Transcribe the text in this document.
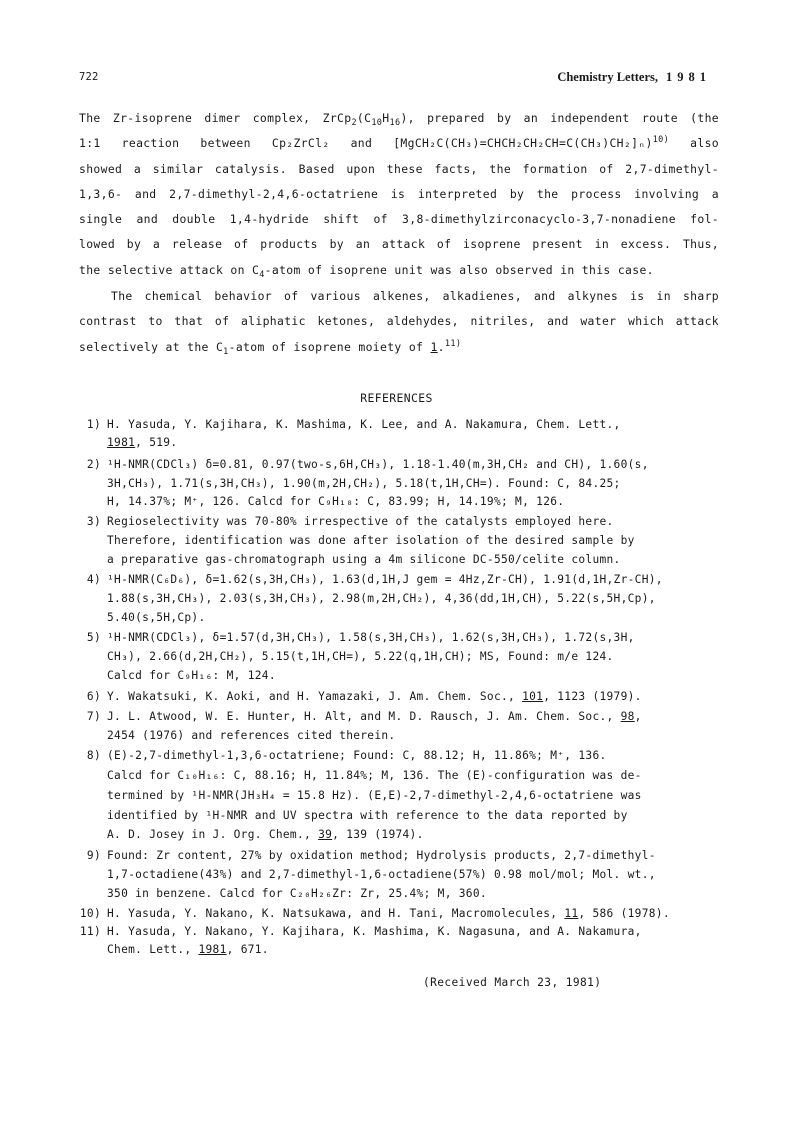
722	Chemistry Letters, 1981
The Zr-isoprene dimer complex, $ZrCp_2(C_{10}H_{16})$, prepared by an independent route (the
1:1 reaction between Cp₂ZrCl₂ and [MgCH₂C(CH₃)=CHCH₂CH₂CH=C(CH₃)CH₂]ₙ)$^{10)}$ also
showed a similar catalysis. Based upon these facts, the formation of 2,7-dimethyl-
1,3,6- and 2,7-dimethyl-2,4,6-octatriene is interpreted by the process involving a
single and double 1,4-hydride shift of 3,8-dimethylzirconacyclo-3,7-nonadiene fol-
lowed by a release of products by an attack of isoprene present in excess. Thus,
the selective attack on $C_4$-atom of isoprene unit was also observed in this case.
The chemical behavior of various alkenes, alkadienes, and alkynes is in sharp
contrast to that of aliphatic ketones, aldehydes, nitriles, and water which attack
selectively at the $C_1$-atom of isoprene moiety of 1.$^{11)}$
REFERENCES
1) H. Yasuda, Y. Kajihara, K. Mashima, K. Lee, and A. Nakamura, Chem. Lett.,
1981, 519.
2) ¹H-NMR(CDCl₃) δ=0.81, 0.97(two-s,6H,CH₃), 1.18-1.40(m,3H,CH₂ and CH), 1.60(s,
3H,CH₃), 1.71(s,3H,CH₃), 1.90(m,2H,CH₂), 5.18(t,1H,CH=). Found: C, 84.25;
H, 14.37%; M⁺, 126. Calcd for C₉H₁₈: C, 83.99; H, 14.19%; M, 126.
3) Regioselectivity was 70-80% irrespective of the catalysts employed here.
Therefore, identification was done after isolation of the desired sample by
a preparative gas-chromatograph using a 4m silicone DC-550/celite column.
4) ¹H-NMR(C₆D₆), δ=1.62(s,3H,CH₃), 1.63(d,1H,J gem = 4Hz,Zr-CH), 1.91(d,1H,Zr-CH),
1.88(s,3H,CH₃), 2.03(s,3H,CH₃), 2.98(m,2H,CH₂), 4,36(dd,1H,CH), 5.22(s,5H,Cp),
5.40(s,5H,Cp).
5) ¹H-NMR(CDCl₃), δ=1.57(d,3H,CH₃), 1.58(s,3H,CH₃), 1.62(s,3H,CH₃), 1.72(s,3H,
CH₃), 2.66(d,2H,CH₂), 5.15(t,1H,CH=), 5.22(q,1H,CH); MS, Found: m/e 124.
Calcd for C₉H₁₆: M, 124.
6) Y. Wakatsuki, K. Aoki, and H. Yamazaki, J. Am. Chem. Soc., 101, 1123 (1979).
7) J. L. Atwood, W. E. Hunter, H. Alt, and M. D. Rausch, J. Am. Chem. Soc., 98,
2454 (1976) and references cited therein.
8) (E)-2,7-dimethyl-1,3,6-octatriene; Found: C, 88.12; H, 11.86%; M⁺, 136.
Calcd for C₁₀H₁₆: C, 88.16; H, 11.84%; M, 136. The (E)-configuration was de-
termined by ¹H-NMR(JH₃H₄ = 15.8 Hz). (E,E)-2,7-dimethyl-2,4,6-octatriene was
identified by ¹H-NMR and UV spectra with reference to the data reported by
A. D. Josey in J. Org. Chem., 39, 139 (1974).
9) Found: Zr content, 27% by oxidation method; Hydrolysis products, 2,7-dimethyl-
1,7-octadiene(43%) and 2,7-dimethyl-1,6-octadiene(57%) 0.98 mol/mol; Mol. wt.,
350 in benzene. Calcd for C₂₀H₂₆Zr: Zr, 25.4%; M, 360.
10) H. Yasuda, Y. Nakano, K. Natsukawa, and H. Tani, Macromolecules, 11, 586 (1978).
11) H. Yasuda, Y. Nakano, Y. Kajihara, K. Mashima, K. Nagasuna, and A. Nakamura,
Chem. Lett., 1981, 671.
(Received March 23, 1981)
